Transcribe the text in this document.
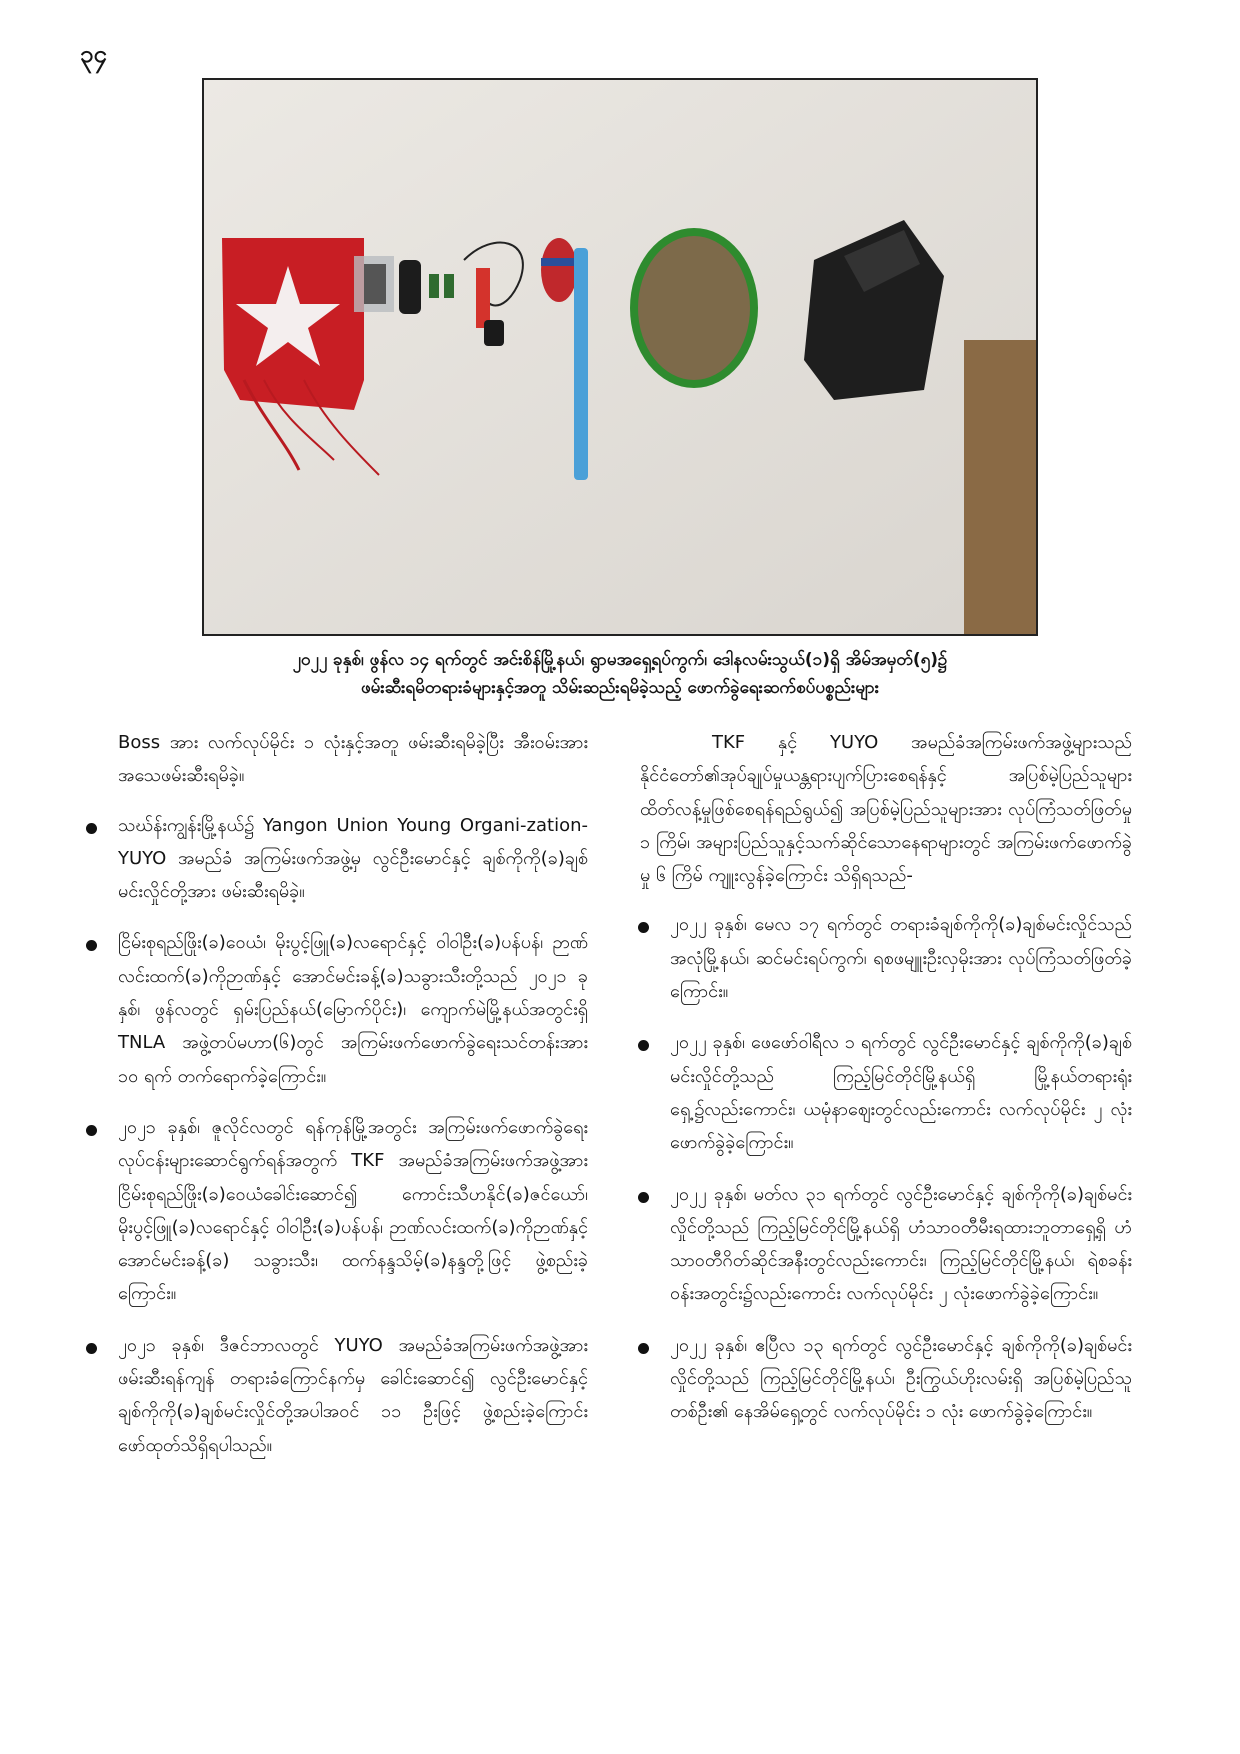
၃၄
၂၀၂၂ ခုနှစ်၊ ဖွန်လ ၁၄ ရက်တွင် အင်းစိန်မြို့နယ်၊ ရွာမအရှေ့ရပ်ကွက်၊ ဒေါနလမ်းသွယ်(၁)ရှိ အိမ်အမှတ်(၅)၌
ဖမ်းဆီးရမိတရားခံများနှင့်အတူ သိမ်းဆည်းရမိခဲ့သည့် ဖောက်ခွဲရေးဆက်စပ်ပစ္စည်းများ

Boss အား လက်လုပ်မိုင်း ၁ လုံးနှင့်အတူ ဖမ်းဆီးရမိခဲ့ပြီး အီးဝမ်းအား အသေဖမ်းဆီးရမိခဲ့။

သဃ်န်းကျွန်းမြို့နယ်၌ Yangon Union Young Organi-zation-YUYO အမည်ခံ အကြမ်းဖက်အဖွဲ့မှ လွင်ဦးမောင်နှင့် ချစ်ကိုကို(ခ)ချစ်မင်းလှိုင်တို့အား ဖမ်းဆီးရမိခဲ့။
ငြိမ်းစုရည်ဖြိုး(ခ)ဝေယံ၊ မိုးပွင့်ဖြူ(ခ)လရောင်နှင့် ဝါဝါဦး(ခ)ပန်ပန်၊ ဉာဏ်လင်းထက်(ခ)ကိုဉာဏ်နှင့် အောင်မင်းခန့်(ခ)သခွားသီးတို့သည် ၂၀၂၁ ခုနှစ်၊ ဖွန်လတွင် ရှမ်းပြည်နယ်(မြောက်ပိုင်း)၊ ကျောက်မဲမြို့နယ်အတွင်းရှိ TNLA အဖွဲ့တပ်မဟာ(၆)တွင် အကြမ်းဖက်ဖောက်ခွဲရေးသင်တန်းအား ၁၀ ရက် တက်ရောက်ခဲ့ကြောင်း။
၂၀၂၁ ခုနှစ်၊ ဇူလိုင်လတွင် ရန်ကုန်မြို့အတွင်း အကြမ်းဖက်ဖောက်ခွဲရေးလုပ်ငန်းများဆောင်ရွက်ရန်အတွက် TKF အမည်ခံအကြမ်းဖက်အဖွဲ့အား ငြိမ်းစုရည်ဖြိုး(ခ)ဝေယံခေါင်းဆောင်၍ ကောင်းသီဟနိုင်(ခ)ဇင်ယော်၊ မိုးပွင့်ဖြူ(ခ)လရောင်နှင့် ဝါဝါဦး(ခ)ပန်ပန်၊ ဉာဏ်လင်းထက်(ခ)ကိုဉာဏ်နှင့် အောင်မင်းခန့်(ခ) သခွားသီး၊ ထက်နန္ဒသိမ့်(ခ)နန္ဒတို့ဖြင့် ဖွဲ့စည်းခဲ့ကြောင်း။
၂၀၂၁ ခုနှစ်၊ ဒီဇင်ဘာလတွင် YUYO အမည်ခံအကြမ်းဖက်အဖွဲ့အား ဖမ်းဆီးရန်ကျန် တရားခံကြောင်နက်မှ ခေါင်းဆောင်၍ လွင်ဦးမောင်နှင့် ချစ်ကိုကို(ခ)ချစ်မင်းလှိုင်တို့အပါအဝင် ၁၁ ဦးဖြင့် ဖွဲ့စည်းခဲ့ကြောင်း ဖော်ထုတ်သိရှိရပါသည်။

TKF နှင့် YUYO အမည်ခံအကြမ်းဖက်အဖွဲ့များသည် နိုင်ငံတော်၏အုပ်ချုပ်မှုယန္တရားပျက်ပြားစေရန်နှင့် အပြစ်မဲ့ပြည်သူများထိတ်လန့်မှုဖြစ်စေရန်ရည်ရွယ်၍ အပြစ်မဲ့ပြည်သူများအား လုပ်ကြံသတ်ဖြတ်မှု ၁ ကြိမ်၊ အများပြည်သူနှင့်သက်ဆိုင်သောနေရာများတွင် အကြမ်းဖက်ဖောက်ခွဲမှု ၆ ကြိမ် ကျူးလွန်ခဲ့ကြောင်း သိရှိရသည်-

၂၀၂၂ ခုနှစ်၊ မေလ ၁၇ ရက်တွင် တရားခံချစ်ကိုကို(ခ)ချစ်မင်းလှိုင်သည် အလုံမြို့နယ်၊ ဆင်မင်းရပ်ကွက်၊ ရစဖမျူးဦးလှမိုးအား လုပ်ကြံသတ်ဖြတ်ခဲ့ကြောင်း။
၂၀၂၂ ခုနှစ်၊ ဖေဖော်ဝါရီလ ၁ ရက်တွင် လွင်ဦးမောင်နှင့် ချစ်ကိုကို(ခ)ချစ်မင်းလှိုင်တို့သည် ကြည့်မြင်တိုင်မြို့နယ်ရှိ မြို့နယ်တရားရုံးရှေ့၌လည်းကောင်း၊ ယမုံနာဈေးတွင်လည်းကောင်း လက်လုပ်မိုင်း ၂ လုံး ဖောက်ခွဲခဲ့ကြောင်း။
၂၀၂၂ ခုနှစ်၊ မတ်လ ၃၁ ရက်တွင် လွင်ဦးမောင်နှင့် ချစ်ကိုကို(ခ)ချစ်မင်းလှိုင်တို့သည် ကြည့်မြင်တိုင်မြို့နယ်ရှိ ဟံသာဝတီမီးရထားဘူတာရှေ့ရှိ ဟံသာဝတီဂိတ်ဆိုင်အနီးတွင်လည်းကောင်း၊ ကြည့်မြင်တိုင်မြို့နယ်၊ ရဲစခန်းဝန်းအတွင်း၌လည်းကောင်း လက်လုပ်မိုင်း ၂ လုံးဖောက်ခွဲခဲ့ကြောင်း။
၂၀၂၂ ခုနှစ်၊ ဧပြီလ ၁၃ ရက်တွင် လွင်ဦးမောင်နှင့် ချစ်ကိုကို(ခ)ချစ်မင်းလှိုင်တို့သည် ကြည့်မြင်တိုင်မြို့နယ်၊ ဦးကြွယ်ဟိုးလမ်းရှိ အပြစ်မဲ့ပြည်သူတစ်ဦး၏ နေအိမ်ရှေ့တွင် လက်လုပ်မိုင်း ၁ လုံး ဖောက်ခွဲခဲ့ကြောင်း။
